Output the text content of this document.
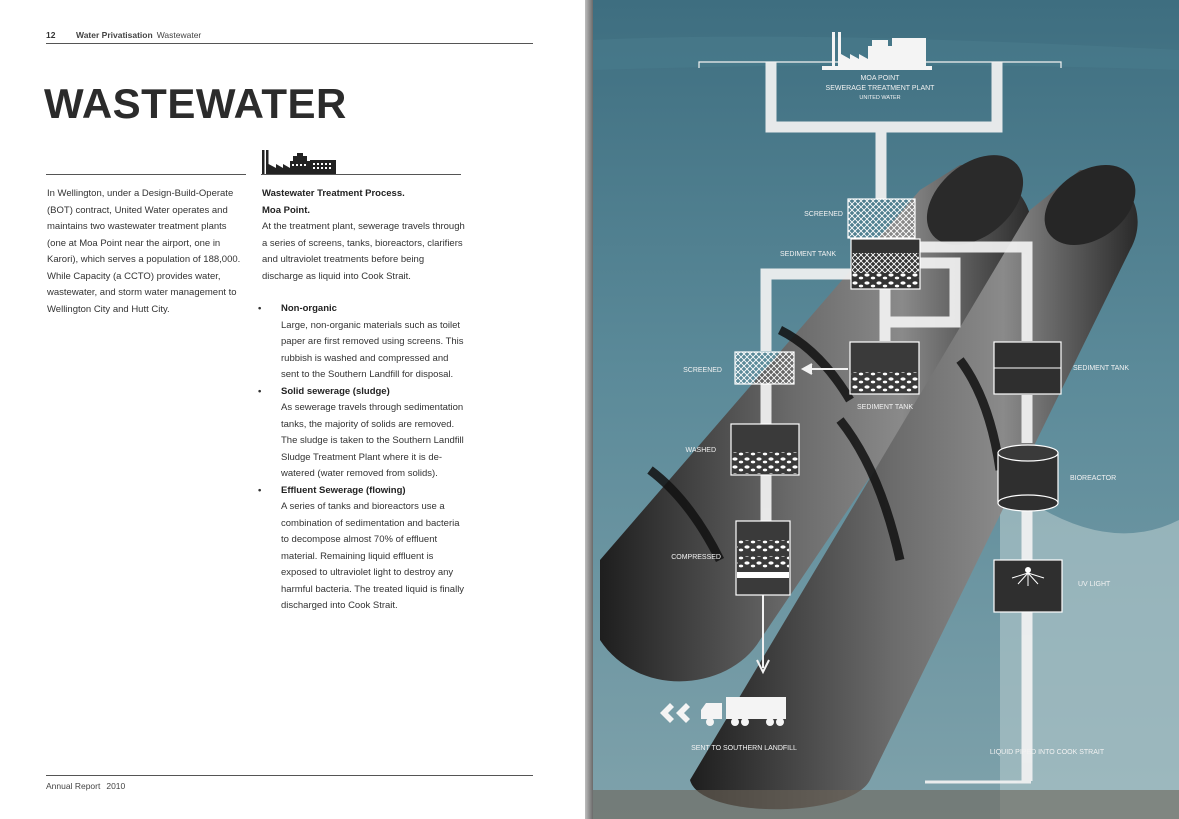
12 Water Privatisation Wastewater
WASTEWATER

In Wellington, under a Design-Build-Operate (BOT) contract, United Water operates and maintains two wastewater treatment plants (one at Moa Point near the airport, one in Karori), which serves a population of 188,000.

While Capacity (a CCTO) provides water, wastewater, and storm water management to Wellington City and Hutt City.

Wastewater Treatment Process.

Moa Point.

At the treatment plant, sewerage travels through a series of screens, tanks, bioreactors, clarifiers and ultraviolet treatments before being discharge as liquid into Cook Strait.

•	Non-organic
Large, non-organic materials such as toilet paper are first removed using screens. This rubbish is washed and compressed and sent to the Southern Landfill for disposal.
•	Solid sewerage (sludge)
As sewerage travels through sedimentation tanks, the majority of solids are removed. The sludge is taken to the Southern Landfill Sludge Treatment Plant where it is de-watered (water removed from solids).
•	Effluent Sewerage (flowing)
A series of tanks and bioreactors use a combination of sedimentation and bacteria to decompose almost 70% of effluent material. Remaining liquid effluent is exposed to ultraviolet light to destroy any harmful bacteria. The treated liquid is finally discharged into Cook Strait.
Annual Report 2010
MOA POINT
SEWERAGE TREATMENT PLANT
UNITED WATER
SCREENED
SEDIMENT TANK
SCREENED
SEDIMENT TANK
SEDIMENT TANK
WASHED
BIOREACTOR
COMPRESSED
UV LIGHT
SENT TO SOUTHERN LANDFILL
LIQUID PIPED INTO COOK STRAIT
